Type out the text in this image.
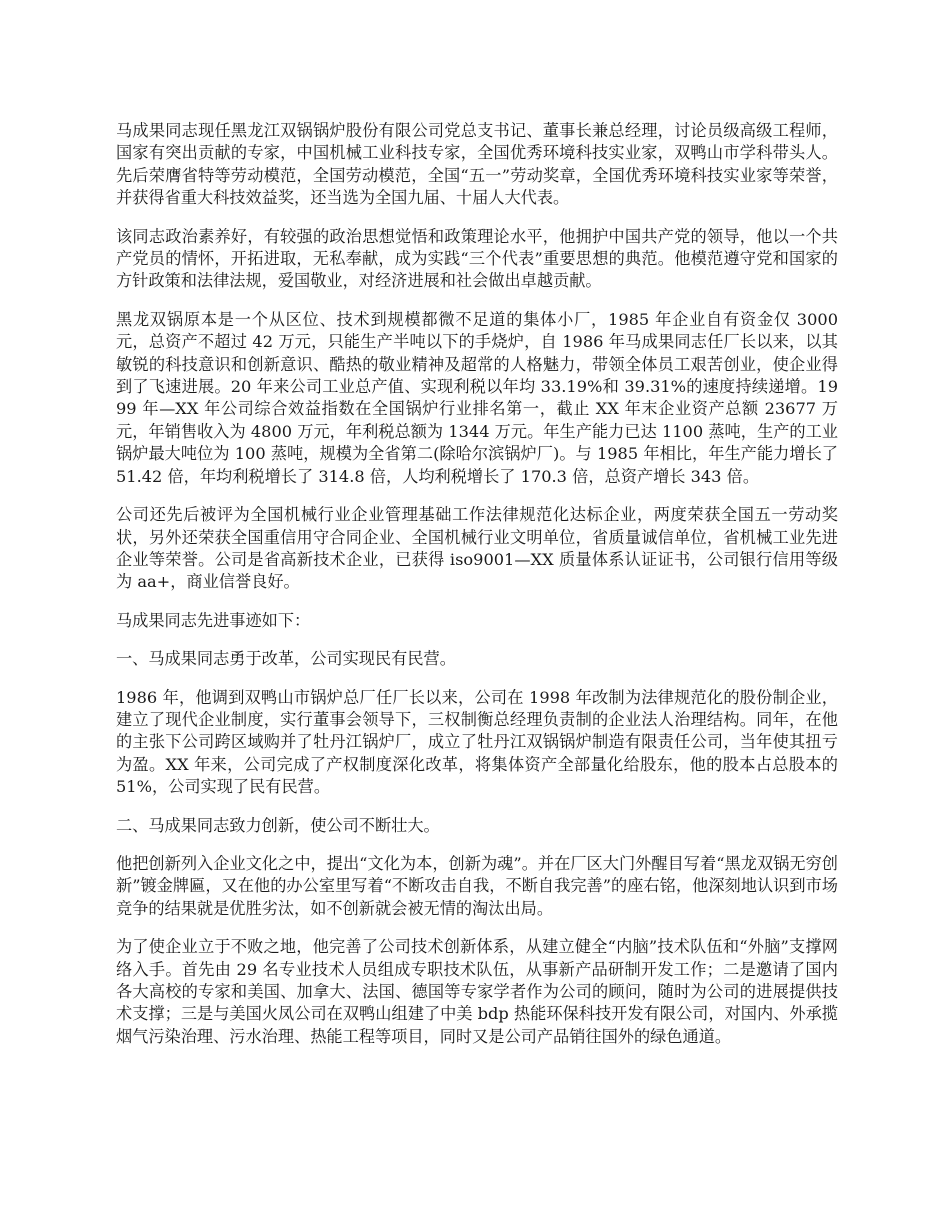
马成果同志现任黑龙江双锅锅炉股份有限公司党总支书记、董事长兼总经理，讨论员级高级工程师，国家有突出贡献的专家，中国机械工业科技专家，全国优秀环境科技实业家，双鸭山市学科带头人。先后荣膺省特等劳动模范，全国劳动模范，全国“五一”劳动奖章，全国优秀环境科技实业家等荣誉，并获得省重大科技效益奖，还当选为全国九届、十届人大代表。

该同志政治素养好，有较强的政治思想觉悟和政策理论水平，他拥护中国共产党的领导，他以一个共产党员的情怀，开拓进取，无私奉献，成为实践“三个代表”重要思想的典范。他模范遵守党和国家的方针政策和法律法规，爱国敬业，对经济进展和社会做出卓越贡献。

黑龙双锅原本是一个从区位、技术到规模都微不足道的集体小厂，1985 年企业自有资金仅 3000 元，总资产不超过 42 万元，只能生产半吨以下的手烧炉，自 1986 年马成果同志任厂长以来，以其敏锐的科技意识和创新意识、酷热的敬业精神及超常的人格魅力，带领全体员工艰苦创业，使企业得到了飞速进展。20 年来公司工业总产值、实现利税以年均 33.19%和 39.31%的速度持续递增。1999 年—XX 年公司综合效益指数在全国锅炉行业排名第一，截止 XX 年末企业资产总额 23677 万元，年销售收入为 4800 万元，年利税总额为 1344 万元。年生产能力已达 1100 蒸吨，生产的工业锅炉最大吨位为 100 蒸吨，规模为全省第二(除哈尔滨锅炉厂)。与 1985 年相比，年生产能力增长了 51.42 倍，年均利税增长了 314.8 倍，人均利税增长了 170.3 倍，总资产增长 343 倍。

公司还先后被评为全国机械行业企业管理基础工作法律规范化达标企业，两度荣获全国五一劳动奖状，另外还荣获全国重信用守合同企业、全国机械行业文明单位，省质量诚信单位，省机械工业先进企业等荣誉。公司是省高新技术企业，已获得 iso9001—XX 质量体系认证证书，公司银行信用等级为 aa+，商业信誉良好。

马成果同志先进事迹如下：

一、马成果同志勇于改革，公司实现民有民营。

1986 年，他调到双鸭山市锅炉总厂任厂长以来，公司在 1998 年改制为法律规范化的股份制企业，建立了现代企业制度，实行董事会领导下，三权制衡总经理负责制的企业法人治理结构。同年，在他的主张下公司跨区域购并了牡丹江锅炉厂，成立了牡丹江双锅锅炉制造有限责任公司，当年使其扭亏为盈。XX 年来，公司完成了产权制度深化改革，将集体资产全部量化给股东，他的股本占总股本的 51%，公司实现了民有民营。

二、马成果同志致力创新，使公司不断壮大。

他把创新列入企业文化之中，提出“文化为本，创新为魂”。并在厂区大门外醒目写着“黑龙双锅无穷创新”镀金牌匾，又在他的办公室里写着“不断攻击自我，不断自我完善”的座右铭，他深刻地认识到市场竞争的结果就是优胜劣汰，如不创新就会被无情的淘汰出局。

为了使企业立于不败之地，他完善了公司技术创新体系，从建立健全“内脑”技术队伍和“外脑”支撑网络入手。首先由 29 名专业技术人员组成专职技术队伍，从事新产品研制开发工作；二是邀请了国内各大高校的专家和美国、加拿大、法国、德国等专家学者作为公司的顾问，随时为公司的进展提供技术支撑；三是与美国火凤公司在双鸭山组建了中美 bdp 热能环保科技开发有限公司，对国内、外承揽烟气污染治理、污水治理、热能工程等项目，同时又是公司产品销往国外的绿色通道。
